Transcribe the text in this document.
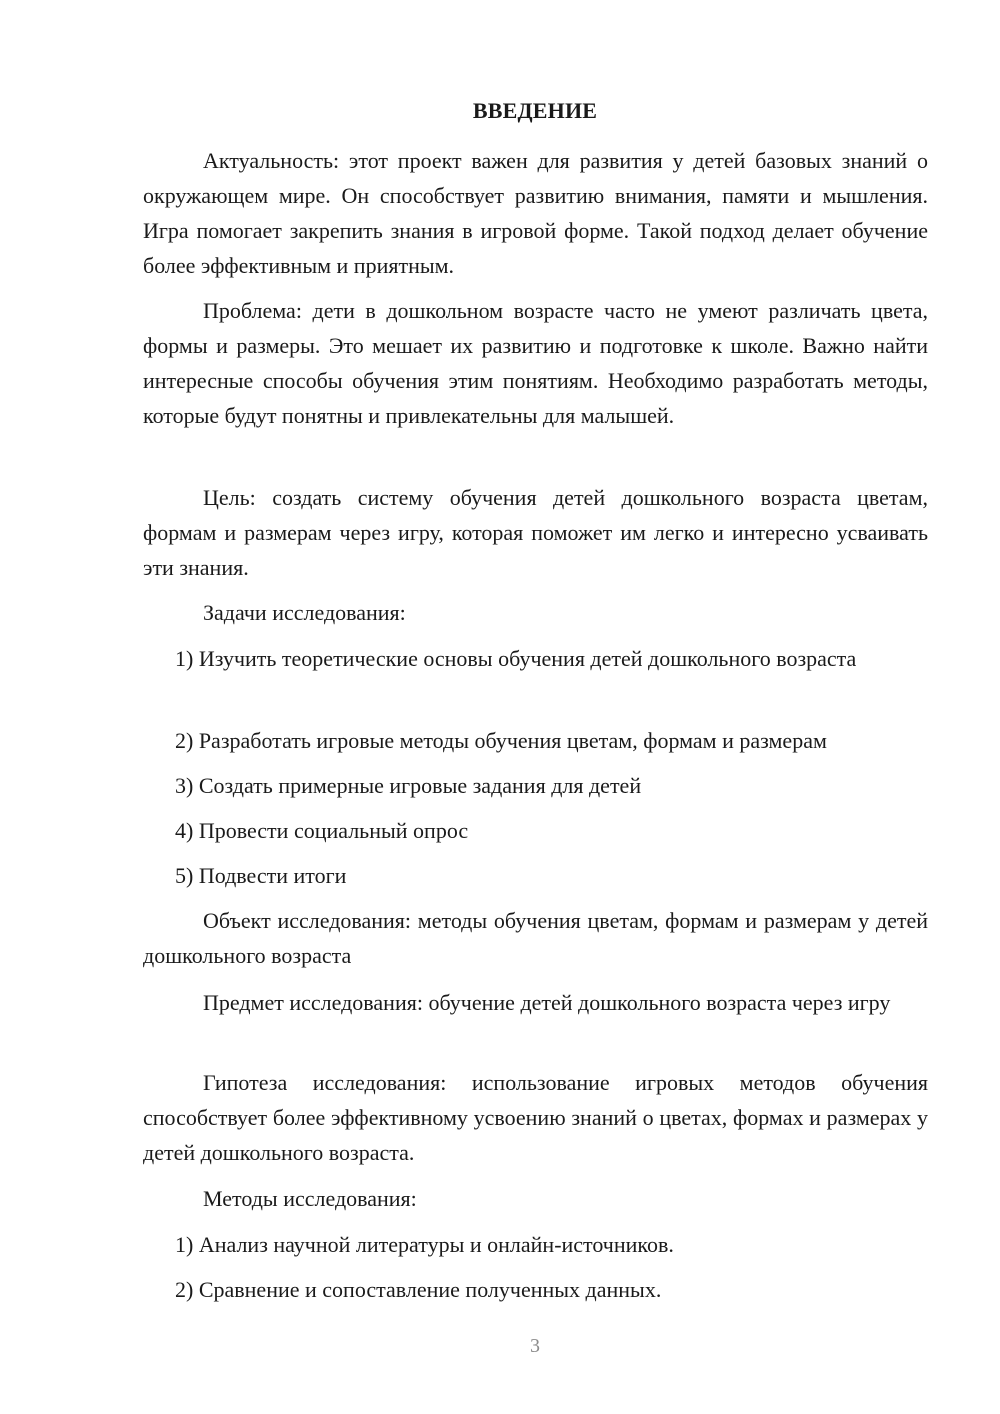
ВВЕДЕНИЕ

Актуальность: этот проект важен для развития у детей базовых знаний о окружающем мире. Он способствует развитию внимания, памяти и мышления. Игра помогает закрепить знания в игровой форме. Такой подход делает обучение более эффективным и приятным.

Проблема: дети в дошкольном возрасте часто не умеют различать цвета, формы и размеры. Это мешает их развитию и подготовке к школе. Важно найти интересные способы обучения этим понятиям. Необходимо разработать методы, которые будут понятны и привлекательны для малышей.

Цель: создать систему обучения детей дошкольного возраста цветам, формам и размерам через игру, которая поможет им легко и интересно усваивать эти знания.

Задачи исследования:

1) Изучить теоретические основы обучения детей дошкольного возраста

2) Разработать игровые методы обучения цветам, формам и размерам

3) Создать примерные игровые задания для детей

4) Провести социальный опрос

5) Подвести итоги

Объект исследования: методы обучения цветам, формам и размерам у детей дошкольного возраста

Предмет исследования: обучение детей дошкольного возраста через игру

Гипотеза исследования: использование игровых методов обучения способствует более эффективному усвоению знаний о цветах, формах и размерах у детей дошкольного возраста.

Методы исследования:

1) Анализ научной литературы и онлайн-источников.

2) Сравнение и сопоставление полученных данных.

3
